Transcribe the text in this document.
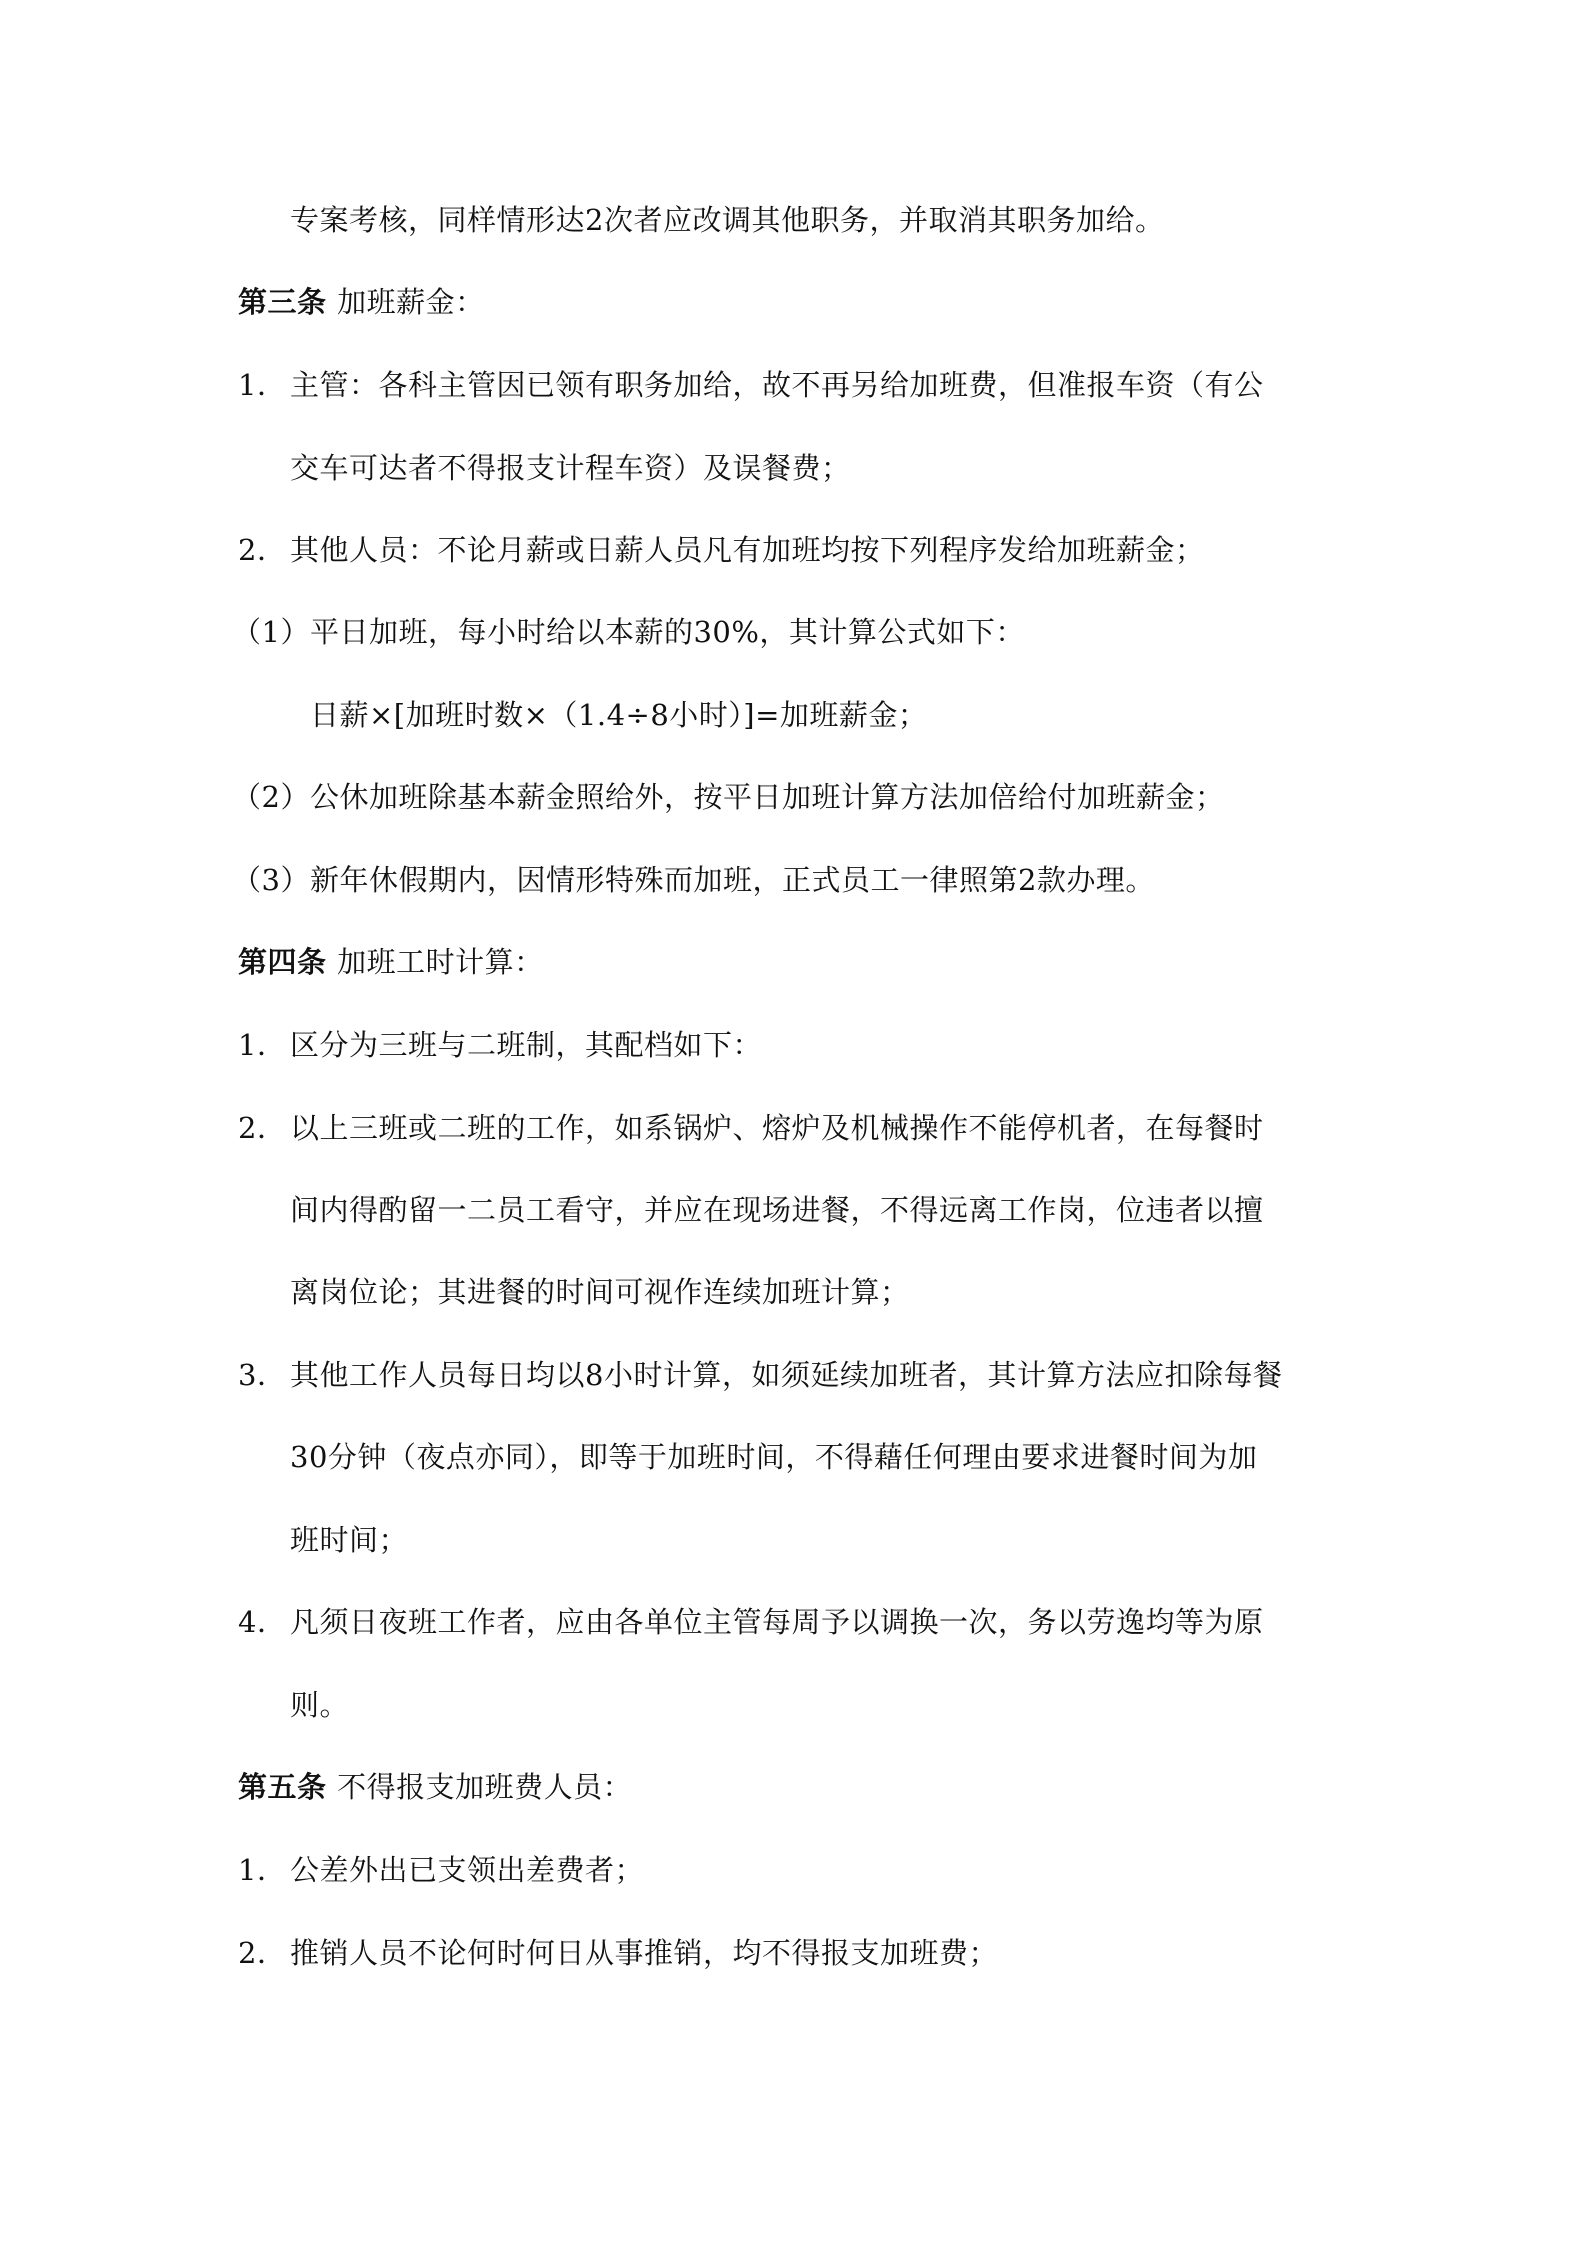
专案考核，同样情形达2次者应改调其他职务，并取消其职务加给。
第三条 加班薪金：
1． 主管：各科主管因已领有职务加给，故不再另给加班费，但准报车资（有公
交车可达者不得报支计程车资）及误餐费；
2． 其他人员：不论月薪或日薪人员凡有加班均按下列程序发给加班薪金；
（1）平日加班，每小时给以本薪的30%，其计算公式如下：
日薪×[加班时数×（1.4÷8小时）]=加班薪金；
（2）公休加班除基本薪金照给外，按平日加班计算方法加倍给付加班薪金；
（3）新年休假期内，因情形特殊而加班，正式员工一律照第2款办理。
第四条 加班工时计算：
1． 区分为三班与二班制，其配档如下：
2． 以上三班或二班的工作，如系锅炉、熔炉及机械操作不能停机者，在每餐时
间内得酌留一二员工看守，并应在现场进餐，不得远离工作岗，位违者以擅
离岗位论；其进餐的时间可视作连续加班计算；
3． 其他工作人员每日均以8小时计算，如须延续加班者，其计算方法应扣除每餐
30分钟（夜点亦同），即等于加班时间，不得藉任何理由要求进餐时间为加
班时间；
4． 凡须日夜班工作者，应由各单位主管每周予以调换一次，务以劳逸均等为原
则。
第五条 不得报支加班费人员：
1． 公差外出已支领出差费者；
2． 推销人员不论何时何日从事推销，均不得报支加班费；
